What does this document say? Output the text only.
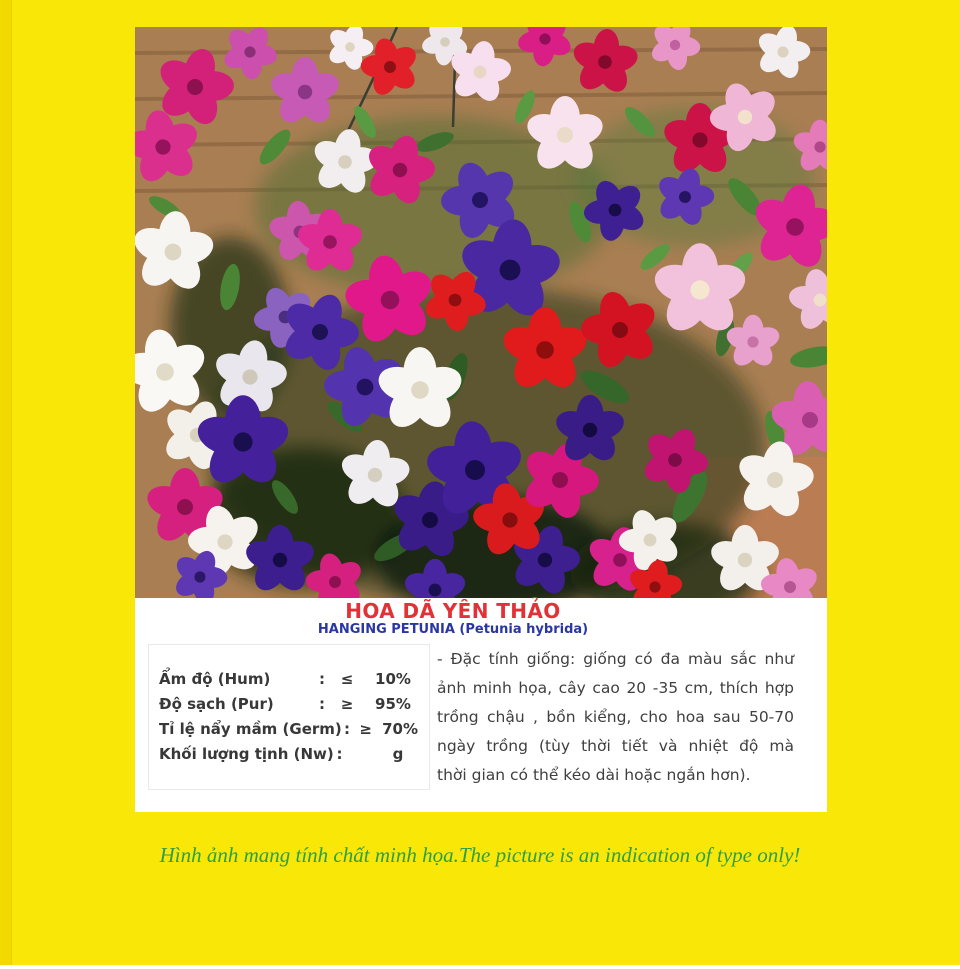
HOA DÃ YÊN THẢO
HANGING PETUNIA (Petunia hybrida)
Ẩm độ (Hum)	:	≤	10%
Độ sạch (Pur)	:	≥	95%
Tỉ lệ nẩy mầm (Germ) : ≥ 70%
Khối lượng tịnh (Nw) :	g
- Đặc tính giống: giống có đa màu sắc như
ảnh minh họa, cây cao 20 -35 cm, thích hợp
trồng chậu , bồn kiểng, cho hoa sau 50-70
ngày trồng (tùy thời tiết và nhiệt độ mà
thời gian có thể kéo dài hoặc ngắn hơn).
Hình ảnh mang tính chất minh họa.The picture is an indication of type only!
